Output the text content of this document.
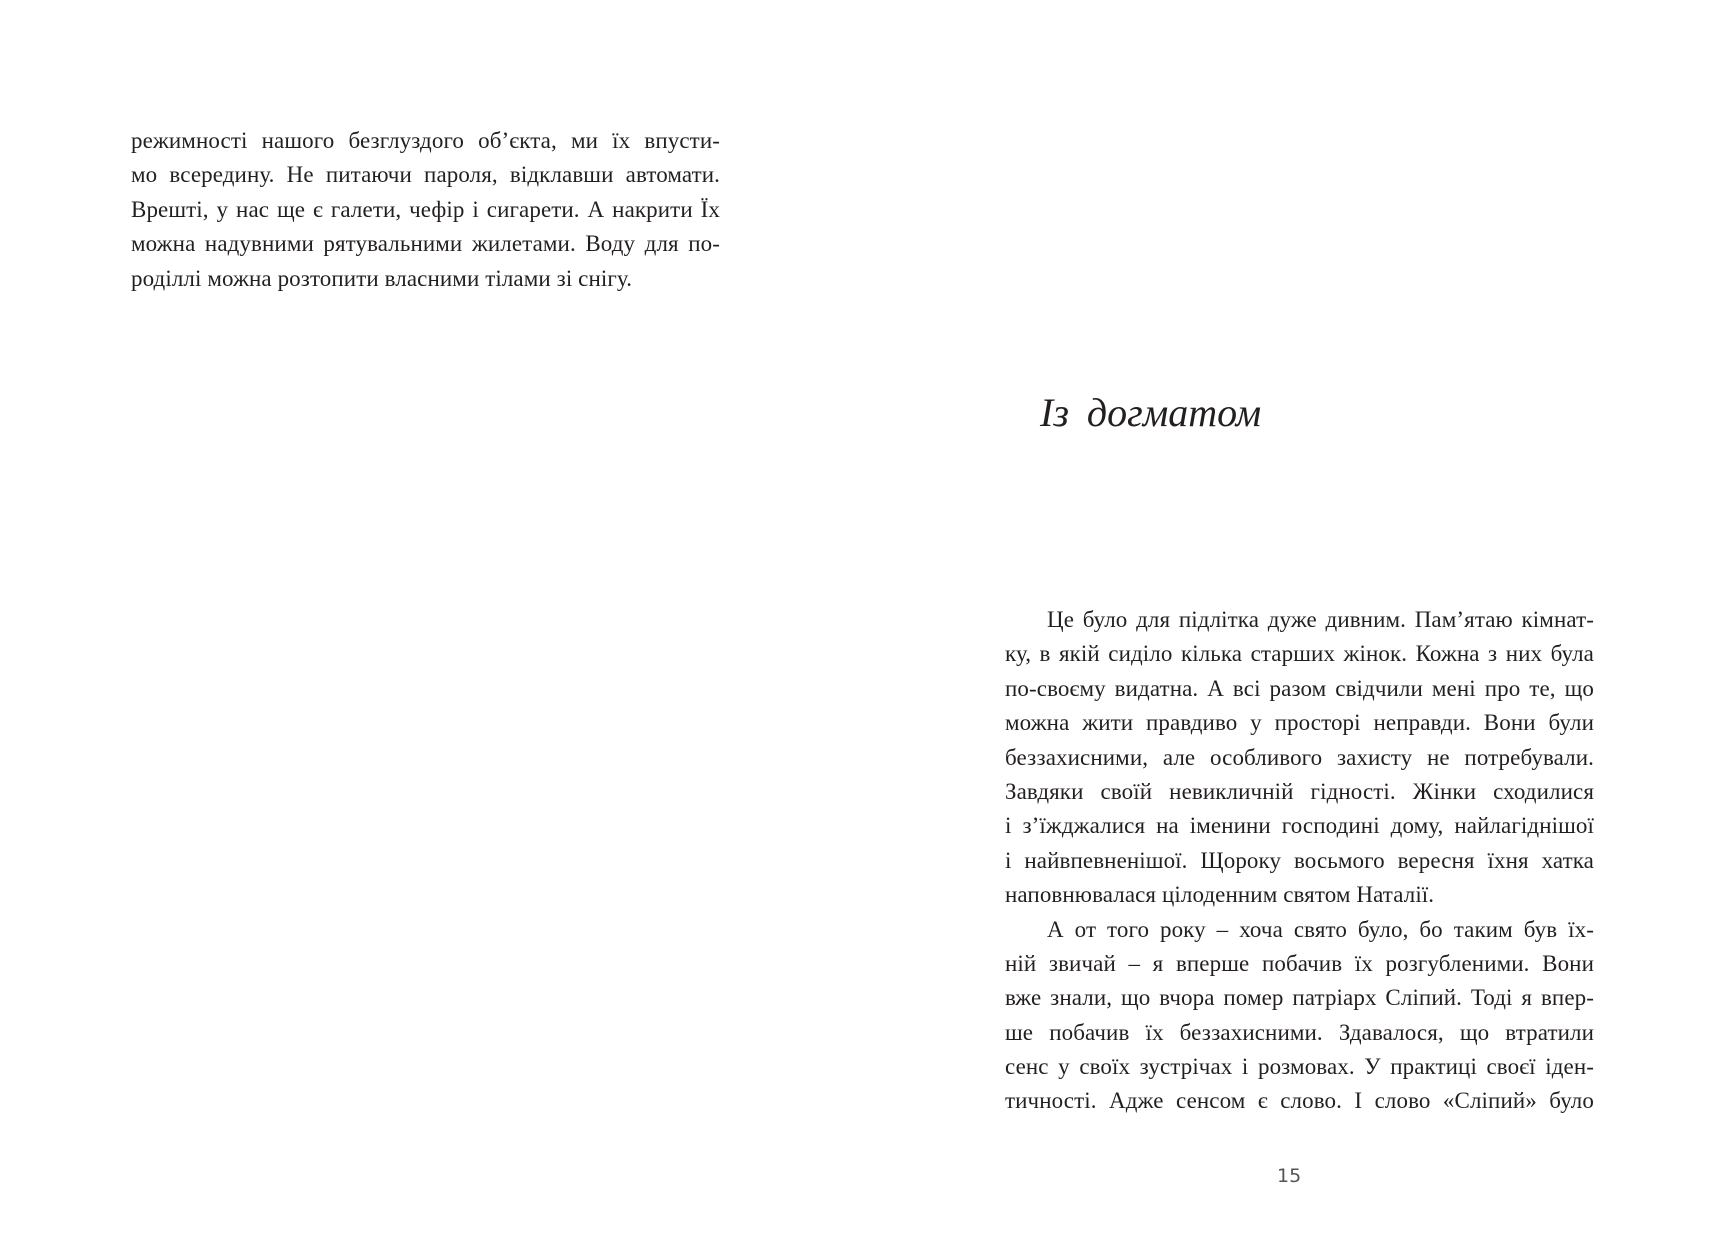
режимності нашого безглуздого об’єкта, ми їх впусти-
мо всередину. Не питаючи пароля, відклавши автомати.
Врешті, у нас ще є галети, чефір і сигарети. А накрити Їх
можна надувними рятувальними жилетами. Воду для по-
роділлі можна розтопити власними тілами зі снігу.
Із догматом
Це було для підлітка дуже дивним. Пам’ятаю кімнат-
ку, в якій сиділо кілька старших жінок. Кожна з них була
по-своєму видатна. А всі разом свідчили мені про те, що
можна жити правдиво у просторі неправди. Вони були
беззахисними, але особливого захисту не потребували.
Завдяки своїй невикличній гідності. Жінки сходилися
і з’їжджалися на іменини господині дому, найлагіднішої
і найвпевненішої. Щороку восьмого вересня їхня хатка
наповнювалася цілоденним святом Наталії.
А от того року – хоча свято було, бо таким був їх-
ній звичай – я вперше побачив їх розгубленими. Вони
вже знали, що вчора помер патріарх Сліпий. Тоді я впер-
ше побачив їх беззахисними. Здавалося, що втратили
сенс у своїх зустрічах і розмовах. У практиці своєї іден-
тичності. Адже сенсом є слово. І слово «Сліпий» було
15
